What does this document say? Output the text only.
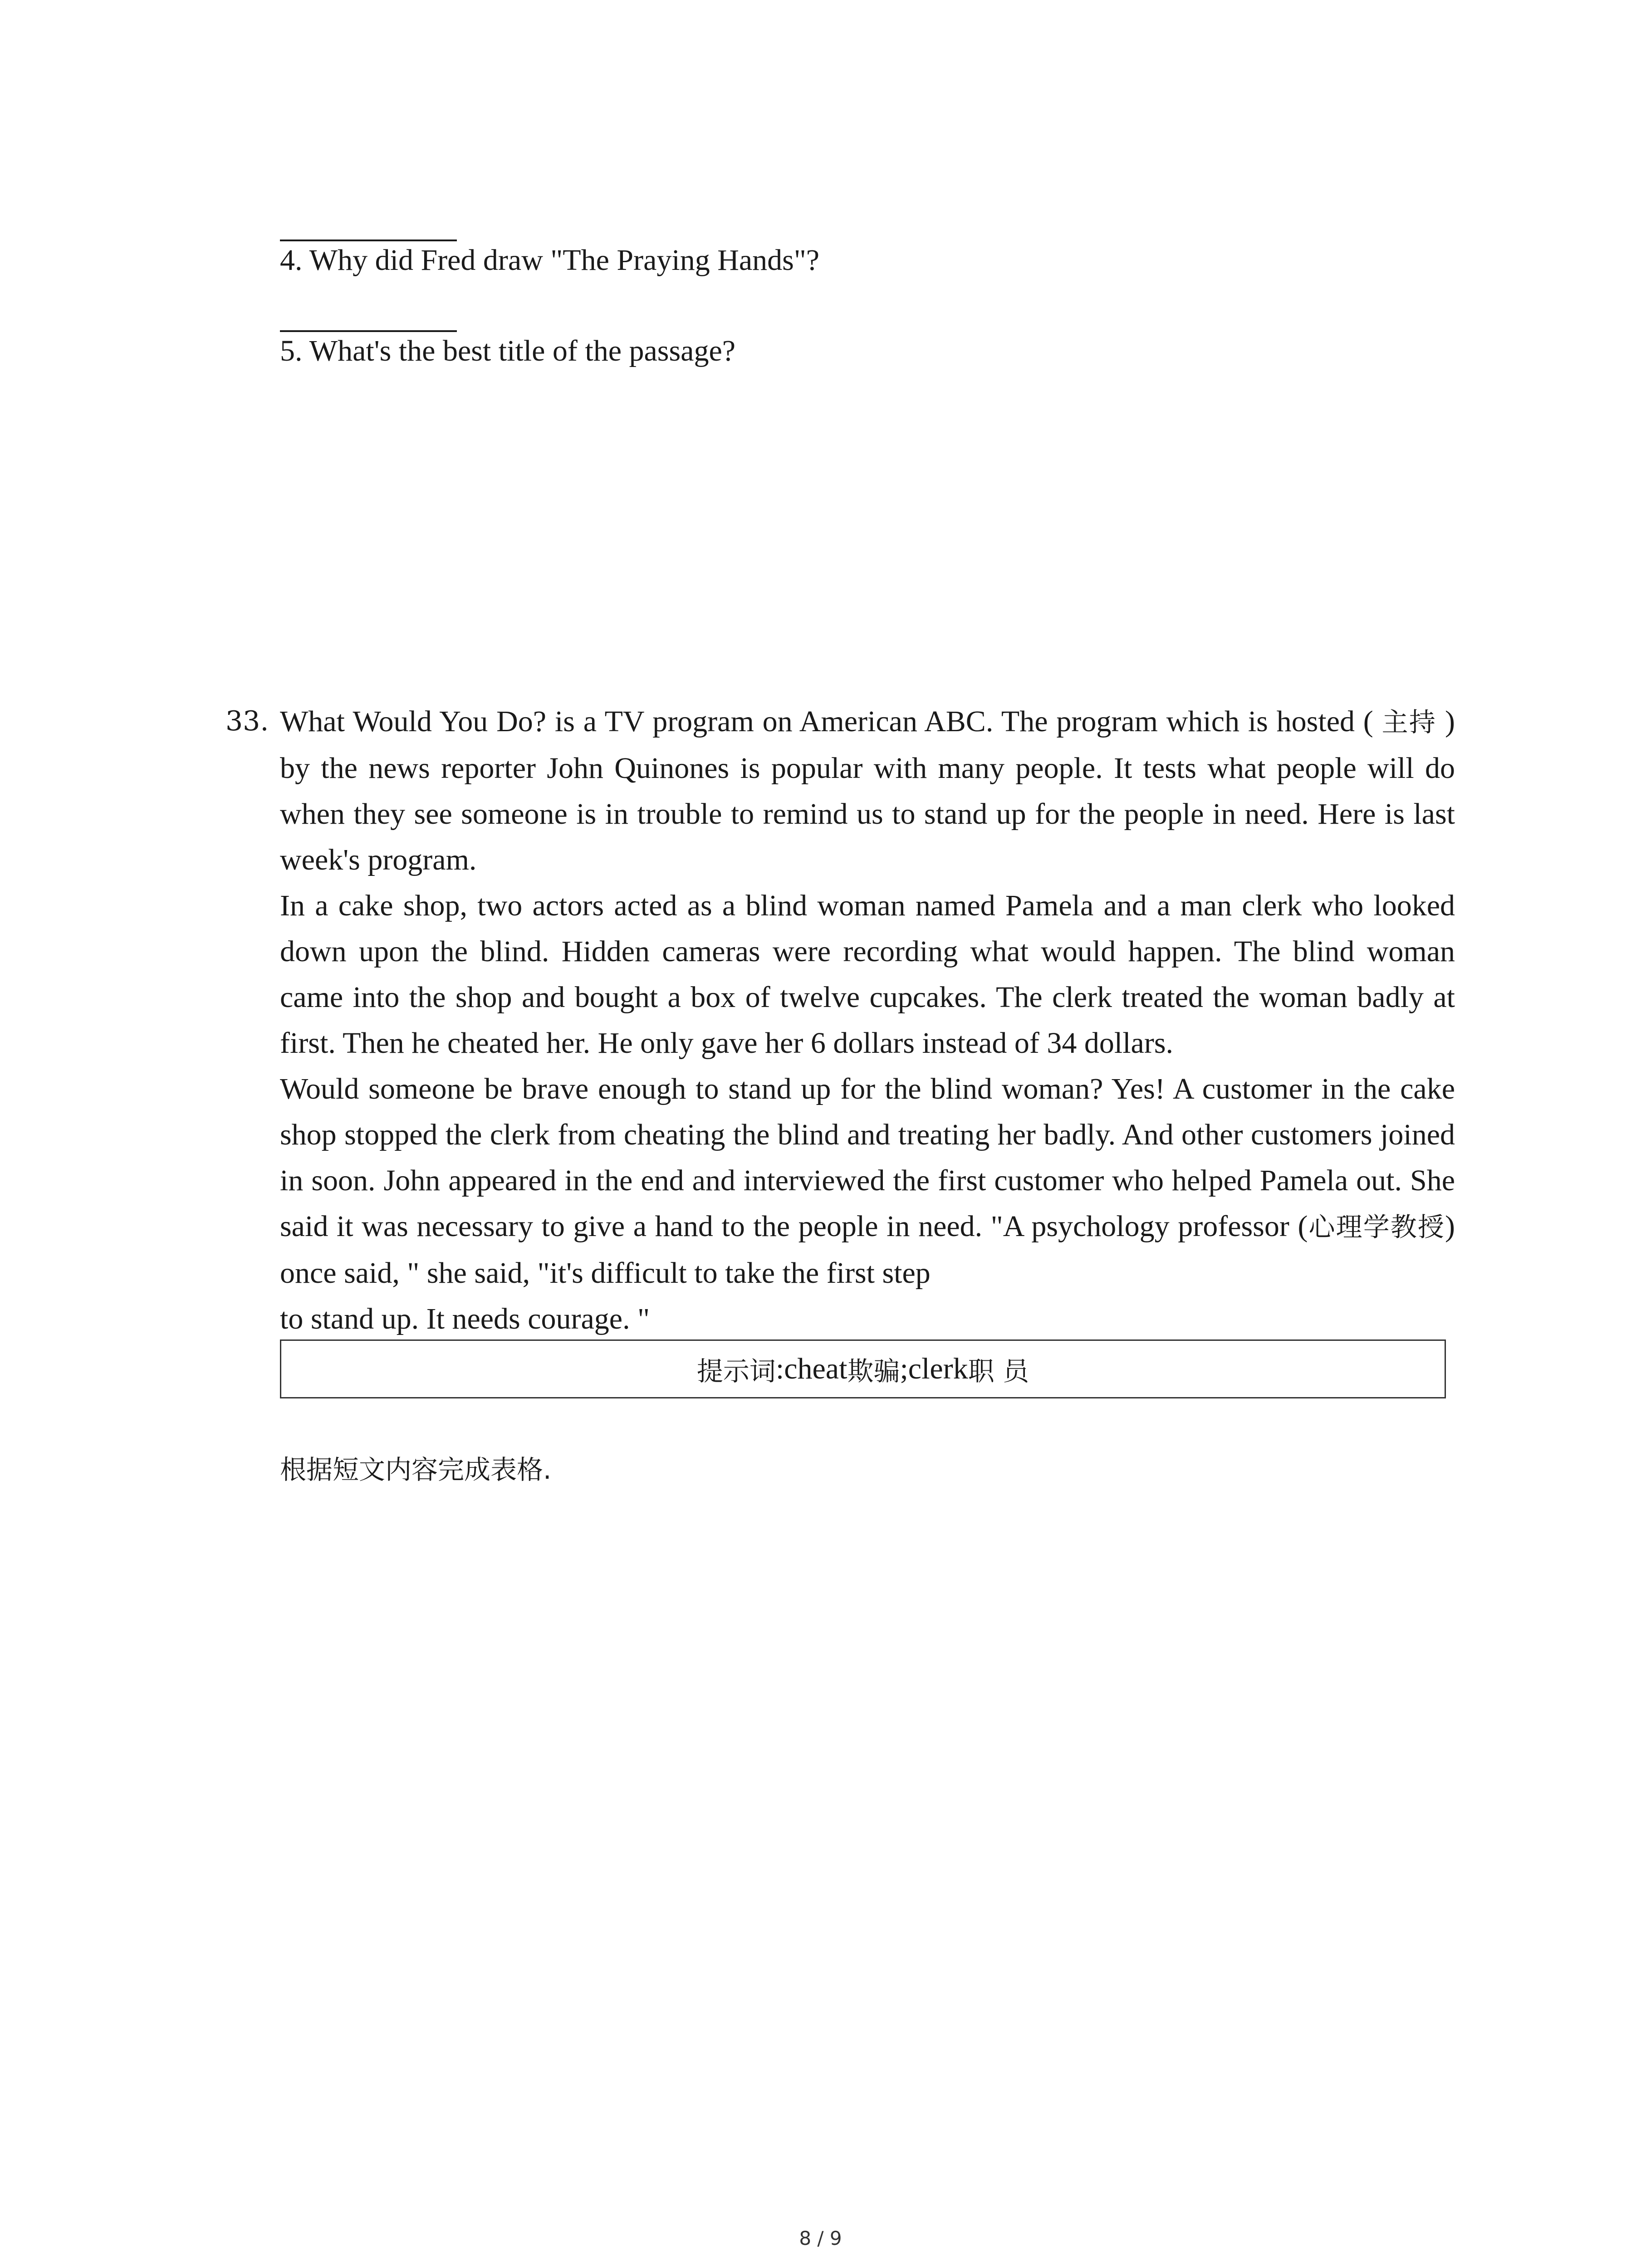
4. Why did Fred draw "The Praying Hands"?
5. What's the best title of the passage?
33. What Would You Do? is a TV program on American ABC. The program which is hosted ( 主持 ) by the news reporter John Quinones is popular with many people. It tests what people will do when they see someone is in trouble to remind us to stand up for the people in need. Here is last week's program.

In a cake shop, two actors acted as a blind woman named Pamela and a man clerk who looked down upon the blind. Hidden cameras were recording what would happen. The blind woman came into the shop and bought a box of twelve cupcakes. The clerk treated the woman badly at first. Then he cheated her. He only gave her 6 dollars instead of 34 dollars.

Would someone be brave enough to stand up for the blind woman? Yes! A customer in the cake shop stopped the clerk from cheating the blind and treating her badly. And other customers joined in soon. John appeared in the end and interviewed the first customer who helped Pamela out. She said it was necessary to give a hand to the people in need. "A psychology professor (心理学教授) once said, " she said, "it's difficult to take the first step

to stand up. It needs courage. "

提示词 :cheat 欺骗 ;clerk 职 员
根据短文内容完成表格.
8 / 9
